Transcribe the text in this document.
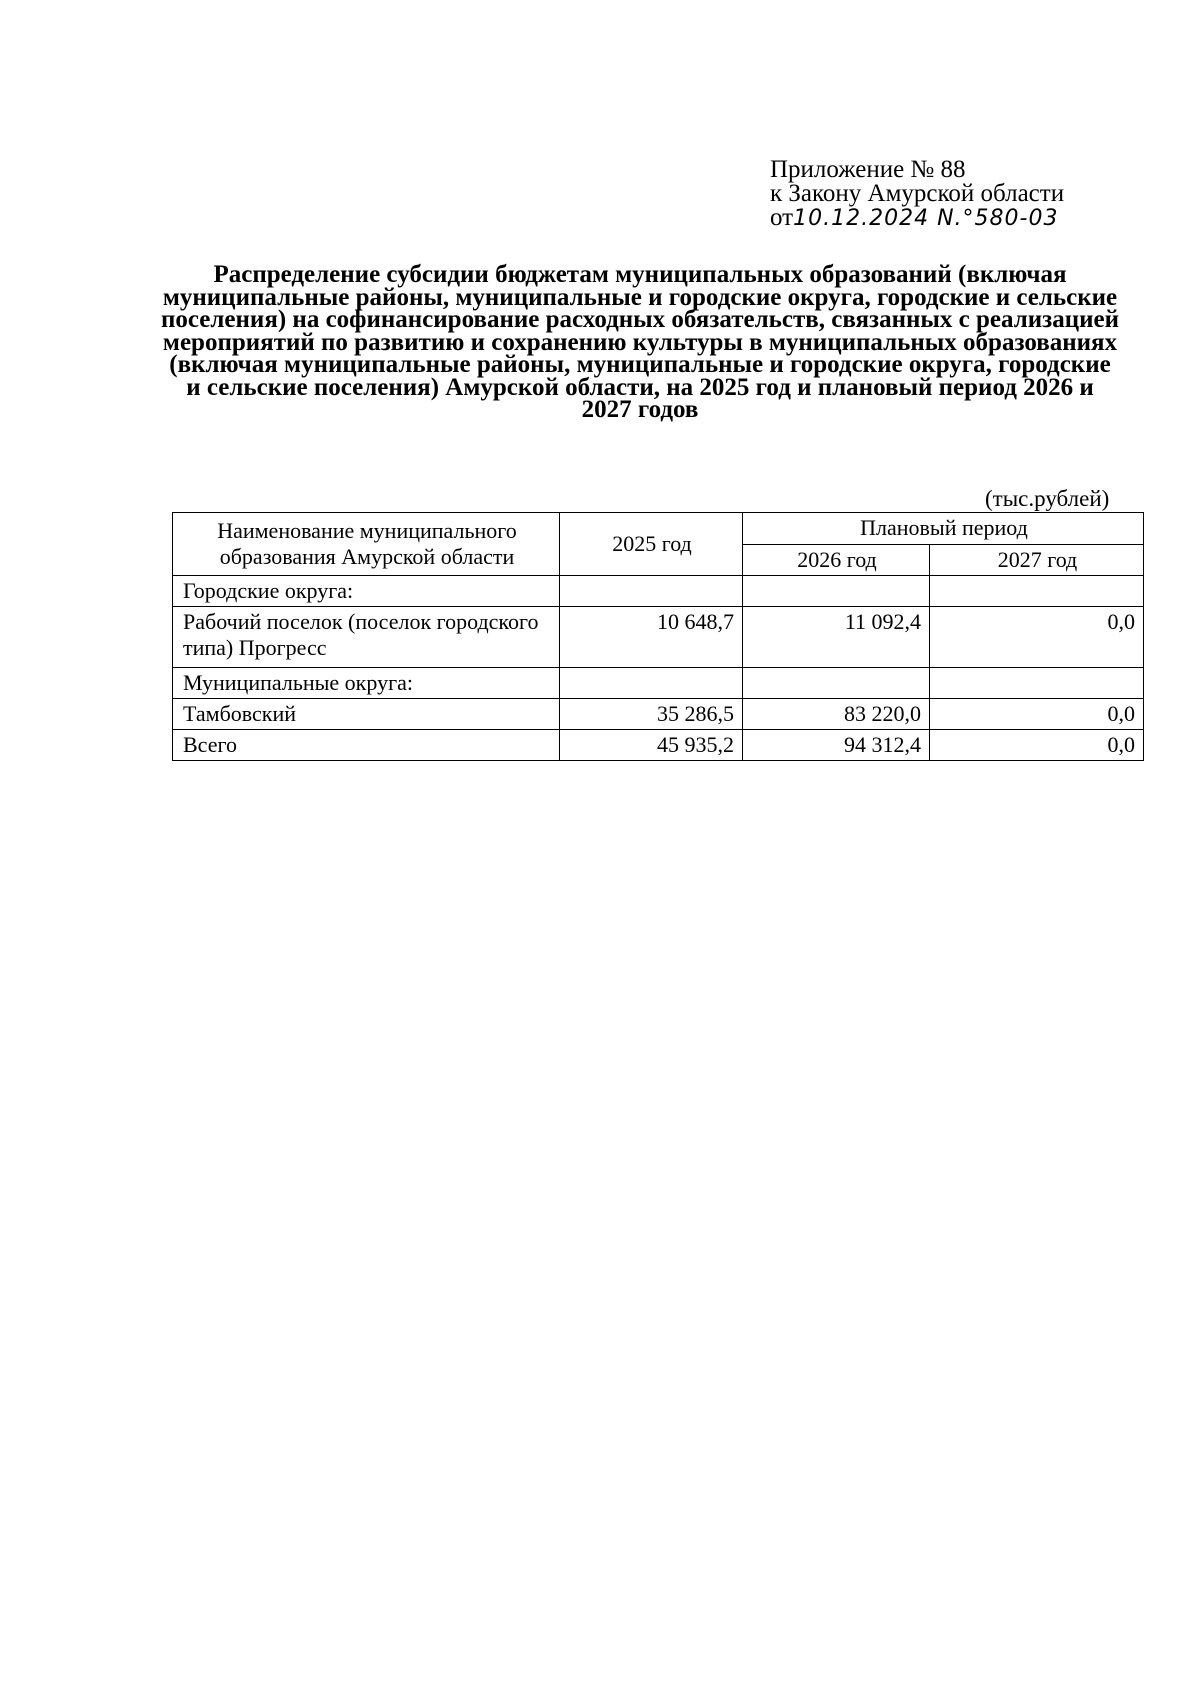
Приложение № 88
к Закону Амурской области
от10.12.2024 N.°580-03
Распределение субсидии бюджетам муниципальных образований (включая муниципальные районы, муниципальные и городские округа, городские и сельские поселения) на софинансирование расходных обязательств, связанных с реализацией мероприятий по развитию и сохранению культуры в муниципальных образованиях (включая муниципальные районы, муниципальные и городские округа, городские и сельские поселения) Амурской области, на 2025 год и плановый период 2026 и 2027 годов
(тыс.рублей)
Наименование муниципального образования Амурской области	2025 год	Плановый период	
		2026 год	2027 год
Городские округа:			
Рабочий поселок (поселок городского типа) Прогресс	10 648,7	11 092,4	0,0
Муниципальные округа:			
Тамбовский	35 286,5	83 220,0	0,0
Всего	45 935,2	94 312,4	0,0
